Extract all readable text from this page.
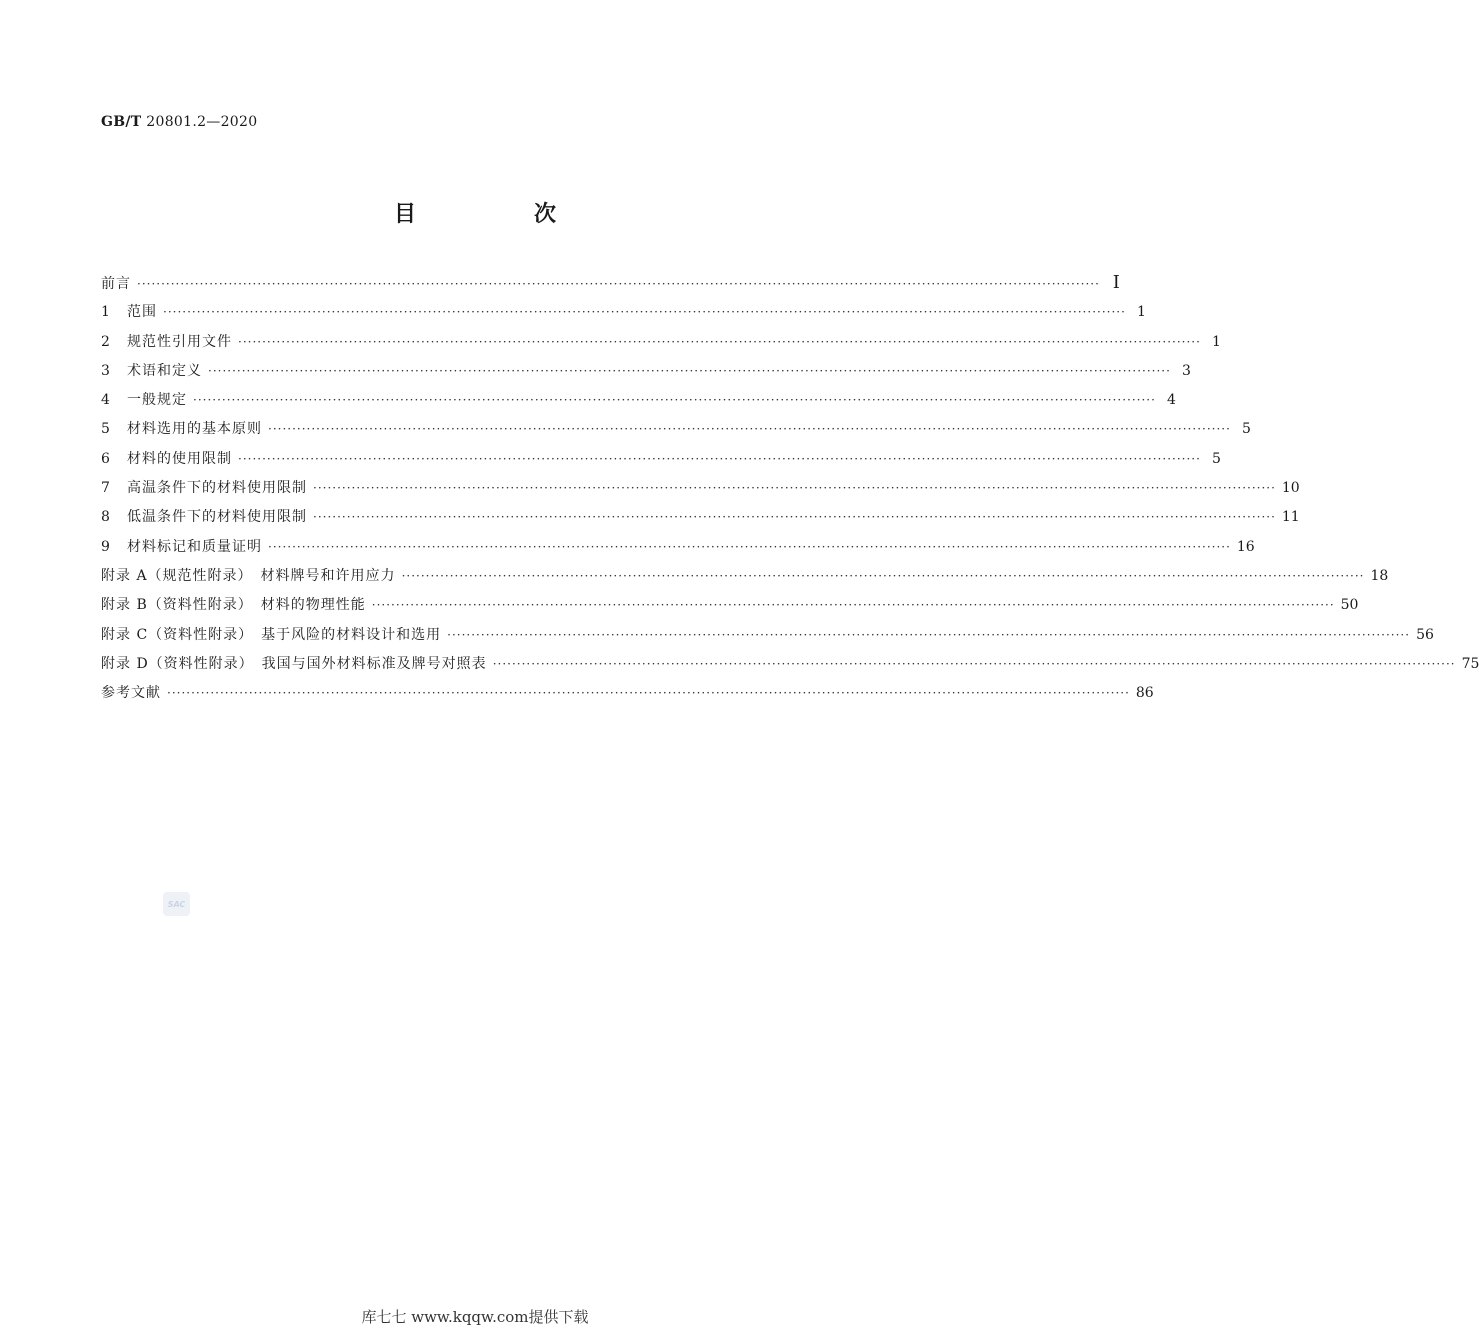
GB/T 20801.2—2020
目　次
前言 ········································································································································································································ I
1	范围 ········································································································································································································ 1
2	规范性引用文件 ········································································································································································································ 1
3	术语和定义 ········································································································································································································ 3
4	一般规定 ········································································································································································································ 4
5	材料选用的基本原则 ········································································································································································································ 5
6	材料的使用限制 ········································································································································································································ 5
7	高温条件下的材料使用限制 ········································································································································································································ 10
8	低温条件下的材料使用限制 ········································································································································································································ 11
9	材料标记和质量证明 ········································································································································································································ 16
附录 A（规范性附录）　材料牌号和许用应力 ········································································································································································································ 18
附录 B（资料性附录）　材料的物理性能 ········································································································································································································ 50
附录 C（资料性附录）　基于风险的材料设计和选用 ········································································································································································································ 56
附录 D（资料性附录）　我国与国外材料标准及牌号对照表 ········································································································································································································ 75
参考文献 ········································································································································································································ 86
SAC
库七七 www.kqqw.com提供下载
